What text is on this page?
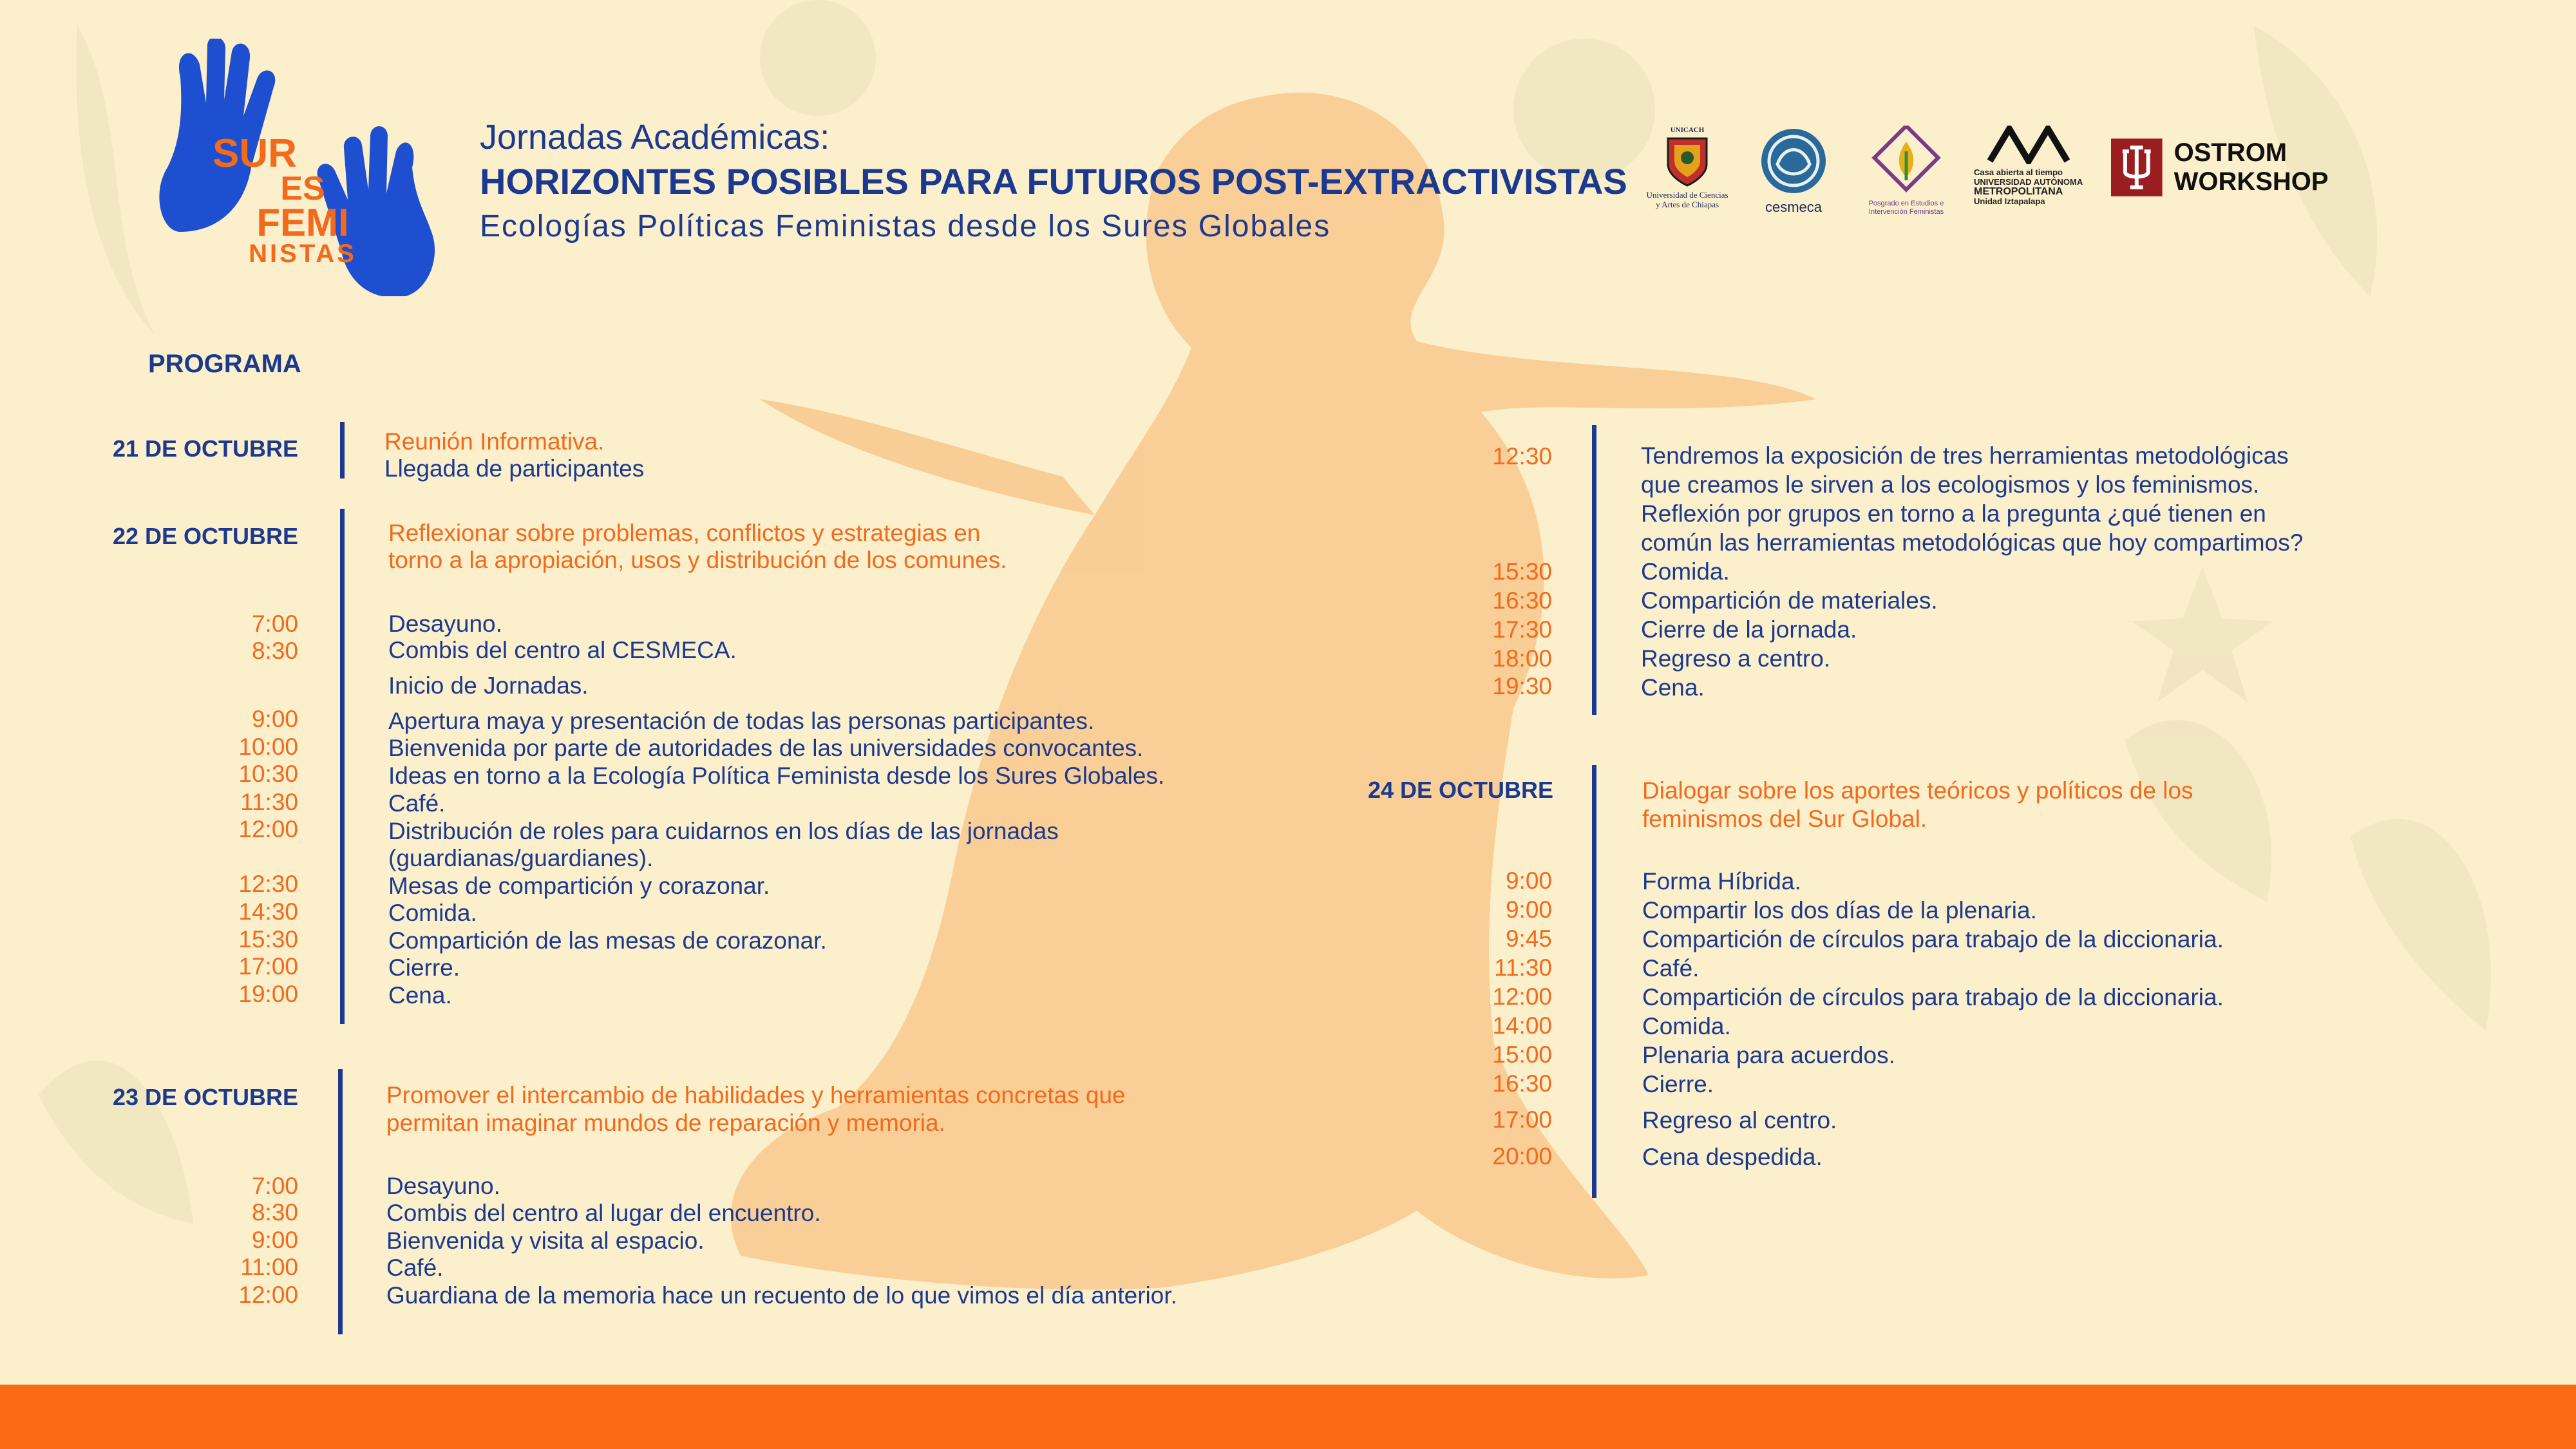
SUR
ES
FEMI
NISTAS
Jornadas Académicas:
HORIZONTES POSIBLES PARA FUTUROS POST-EXTRACTIVISTAS
Ecologías Políticas Feministas desde los Sures Globales
UNICACH
Universidad de Ciencias
y Artes de Chiapas	cesmeca	Posgrado en Estudios e
Intervención Feministas
Casa abierta al tiempo
UNIVERSIDAD AUTÓNOMA
METROPOLITANA
Unidad Iztapalapa
OSTROM WORKSHOP
PROGRAMA
21 DE OCTUBRE	Reunión Informativa.
Llegada de participantes
22 DE OCTUBRE	Reflexionar sobre problemas, conflictos y estrategias en
torno a la apropiación, usos y distribución de los comunes.
7:00	Desayuno.
8:30	Combis del centro al CESMECA.
Inicio de Jornadas.
9:00	Apertura maya y presentación de todas las personas participantes.
10:00	Bienvenida por parte de autoridades de las universidades convocantes.
10:30	Ideas en torno a la Ecología Política Feminista desde los Sures Globales.
11:30	Café.
12:00	Distribución de roles para cuidarnos en los días de las jornadas
(guardianas/guardianes).
12:30	Mesas de compartición y corazonar.
14:30	Comida.
15:30	Compartición de las mesas de corazonar.
17:00	Cierre.
19:00	Cena.
23 DE OCTUBRE	Promover el intercambio de habilidades y herramientas concretas que
permitan imaginar mundos de reparación y memoria.
7:00	Desayuno.
8:30	Combis del centro al lugar del encuentro.
9:00	Bienvenida y visita al espacio.
11:00	Café.
12:00	Guardiana de la memoria hace un recuento de lo que vimos el día anterior.
12:30	Tendremos la exposición de tres herramientas metodológicas
que creamos le sirven a los ecologismos y los feminismos.
Reflexión por grupos en torno a la pregunta ¿qué tienen en
común las herramientas metodológicas que hoy compartimos?
15:30	Comida.
16:30	Compartición de materiales.
17:30	Cierre de la jornada.
18:00	Regreso a centro.
19:30	Cena.
24 DE OCTUBRE	Dialogar sobre los aportes teóricos y políticos de los
feminismos del Sur Global.
9:00	Forma Híbrida.
9:00	Compartir los dos días de la plenaria.
9:45	Compartición de círculos para trabajo de la diccionaria.
11:30	Café.
12:00	Compartición de círculos para trabajo de la diccionaria.
14:00	Comida.
15:00	Plenaria para acuerdos.
16:30	Cierre.
17:00	Regreso al centro.
20:00	Cena despedida.
